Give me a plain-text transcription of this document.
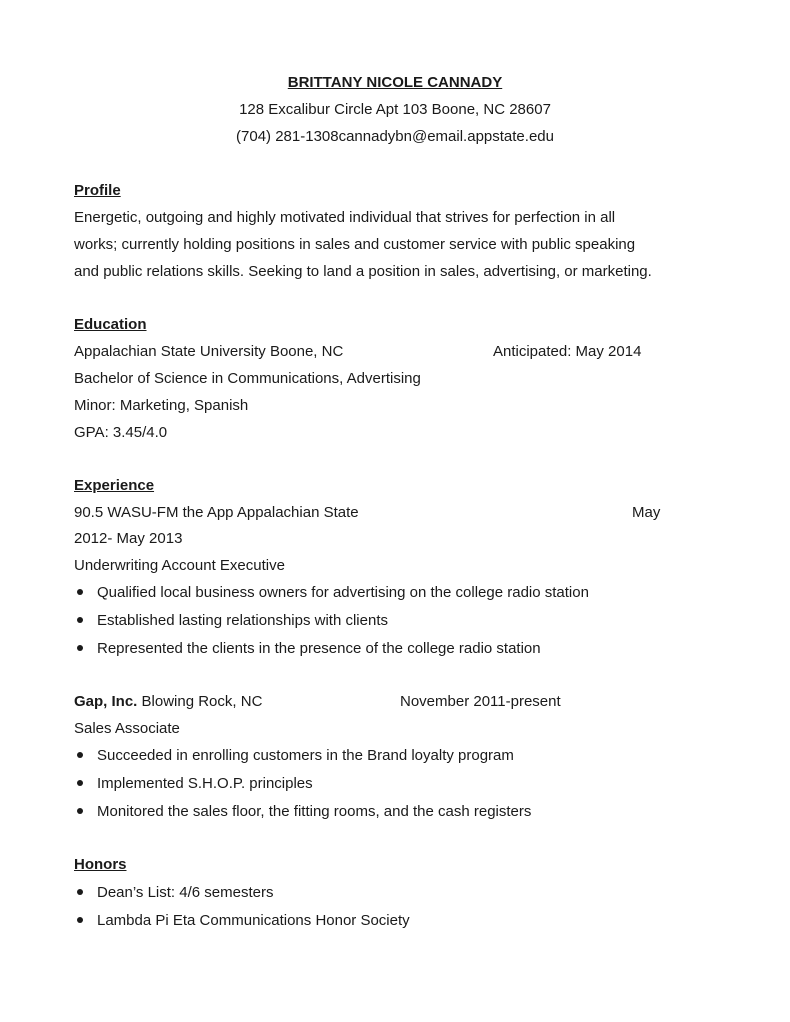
BRITTANY NICOLE CANNADY
128 Excalibur Circle Apt 103 Boone, NC 28607
(704) 281-1308cannadybn@email.appstate.edu
Profile
Energetic, outgoing and highly motivated individual that strives for perfection in all
works; currently holding positions in sales and customer service with public speaking
and public relations skills. Seeking to land a position in sales, advertising, or marketing.
Education
Appalachian State University Boone, NC	Anticipated: May 2014
Bachelor of Science in Communications, Advertising
Minor: Marketing, Spanish
GPA: 3.45/4.0
Experience
90.5 WASU-FM the App Appalachian State	May
2012- May 2013
Underwriting Account Executive
Qualified local business owners for advertising on the college radio station
Established lasting relationships with clients
Represented the clients in the presence of the college radio station
Gap, Inc. Blowing Rock, NC	November 2011-present
Sales Associate
Succeeded in enrolling customers in the Brand loyalty program
Implemented S.H.O.P. principles
Monitored the sales floor, the fitting rooms, and the cash registers
Honors
Dean’s List: 4/6 semesters
Lambda Pi Eta Communications Honor Society
